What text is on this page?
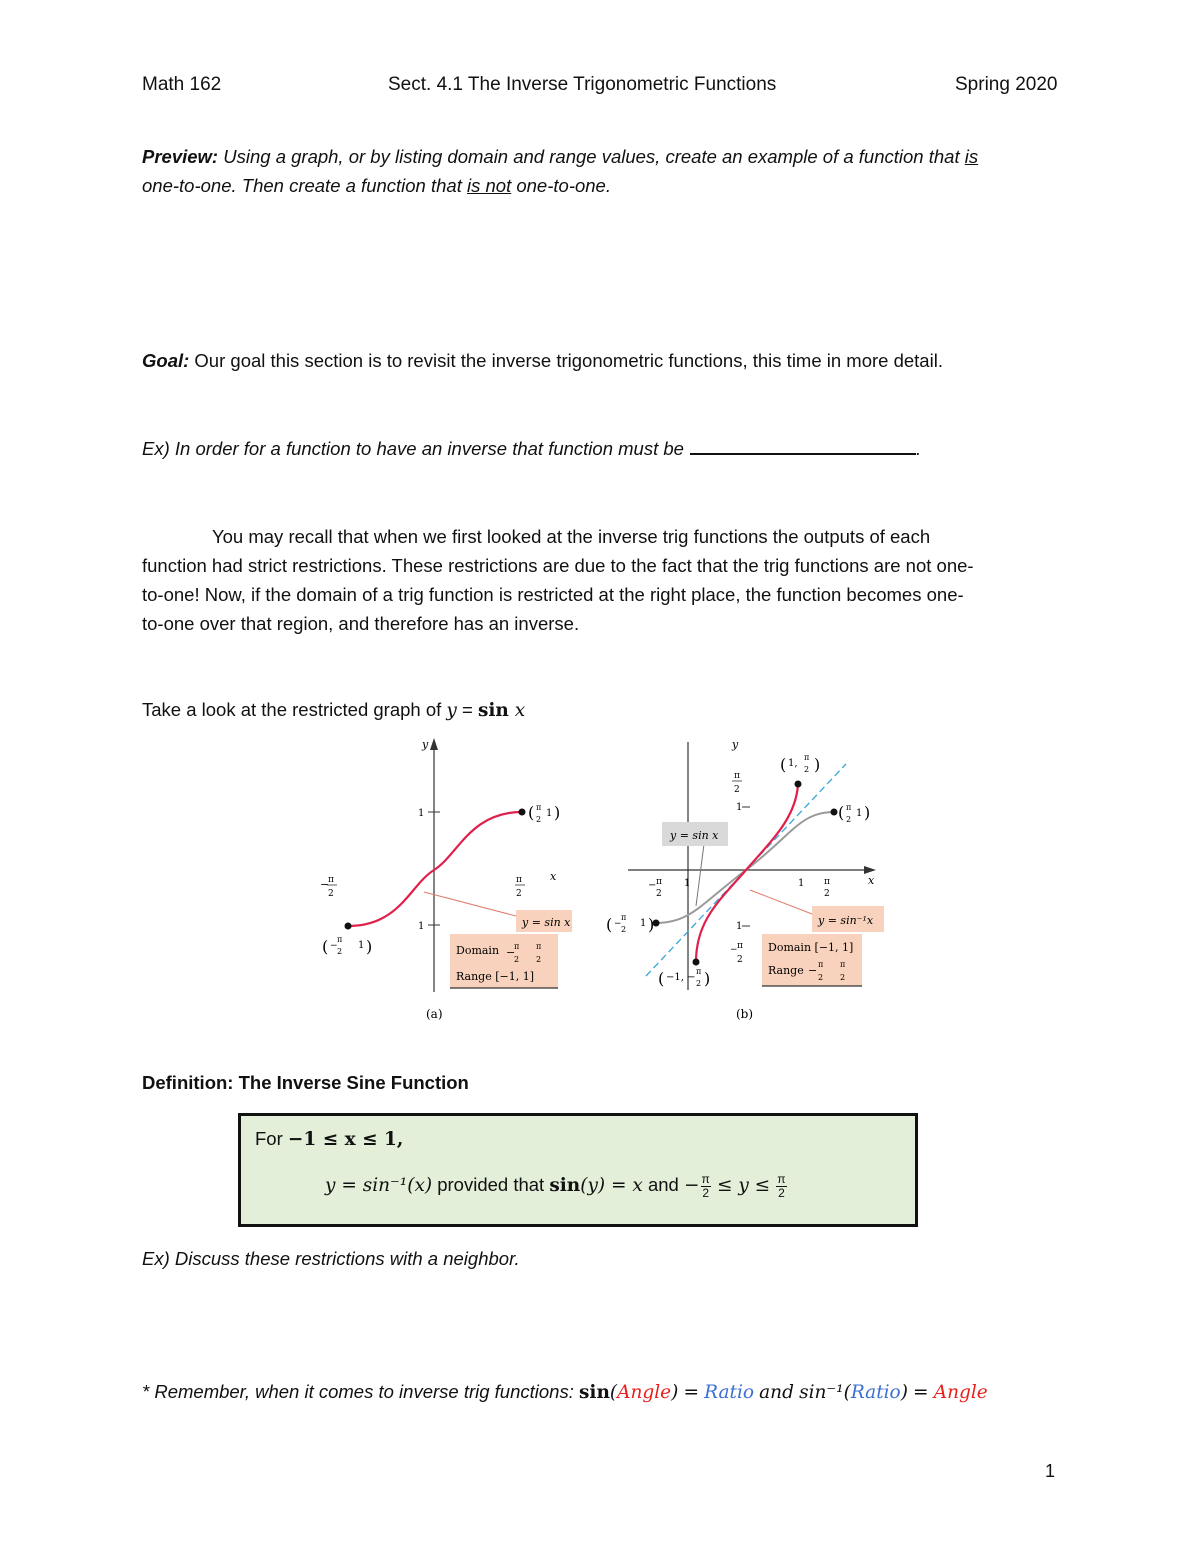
Math 162	Sect. 4.1 The Inverse Trigonometric Functions	Spring 2020
Preview: Using a graph, or by listing domain and range values, create an example of a function that is
one-to-one. Then create a function that is not one-to-one.
Goal: Our goal this section is to revisit the inverse trigonometric functions, this time in more detail.
Ex) In order for a function to have an inverse that function must be	.
You may recall that when we first looked at the inverse trig functions the outputs of each
function had strict restrictions. These restrictions are due to the fact that the trig functions are not one-
to-one! Now, if the domain of a trig function is restricted at the right place, the function becomes one-
to-one over that region, and therefore has an inverse.
Take a look at the restricted graph of y = sin x
y
x
1
1
−
π
2
π
2
( π
2
1 )
( −
π
2
1 )
y = sin x
Domain −
π
2
π
2
Range [−1, 1]
(a)
y
x
π
2
1
1
− π
2
− π
2
1	1 π
2
( 1,
π
2 )
( π
2
1 )
( −
π
2
1 )
( −1, −
π
2 )
y = sin x
y = sin⁻¹x
Domain [−1, 1]
Range − π
2
π
2
(b)
Definition: The Inverse Sine Function
For −1 ≤ x ≤ 1,
y = sin⁻¹(x) provided that sin(y) = x and − $\frac{\pi}{2} \le y \le \frac{\pi}{2}$
Ex) Discuss these restrictions with a neighbor.
* Remember, when it comes to inverse trig functions: sin(Angle) = Ratio and sin⁻¹(Ratio) = Angle
1
